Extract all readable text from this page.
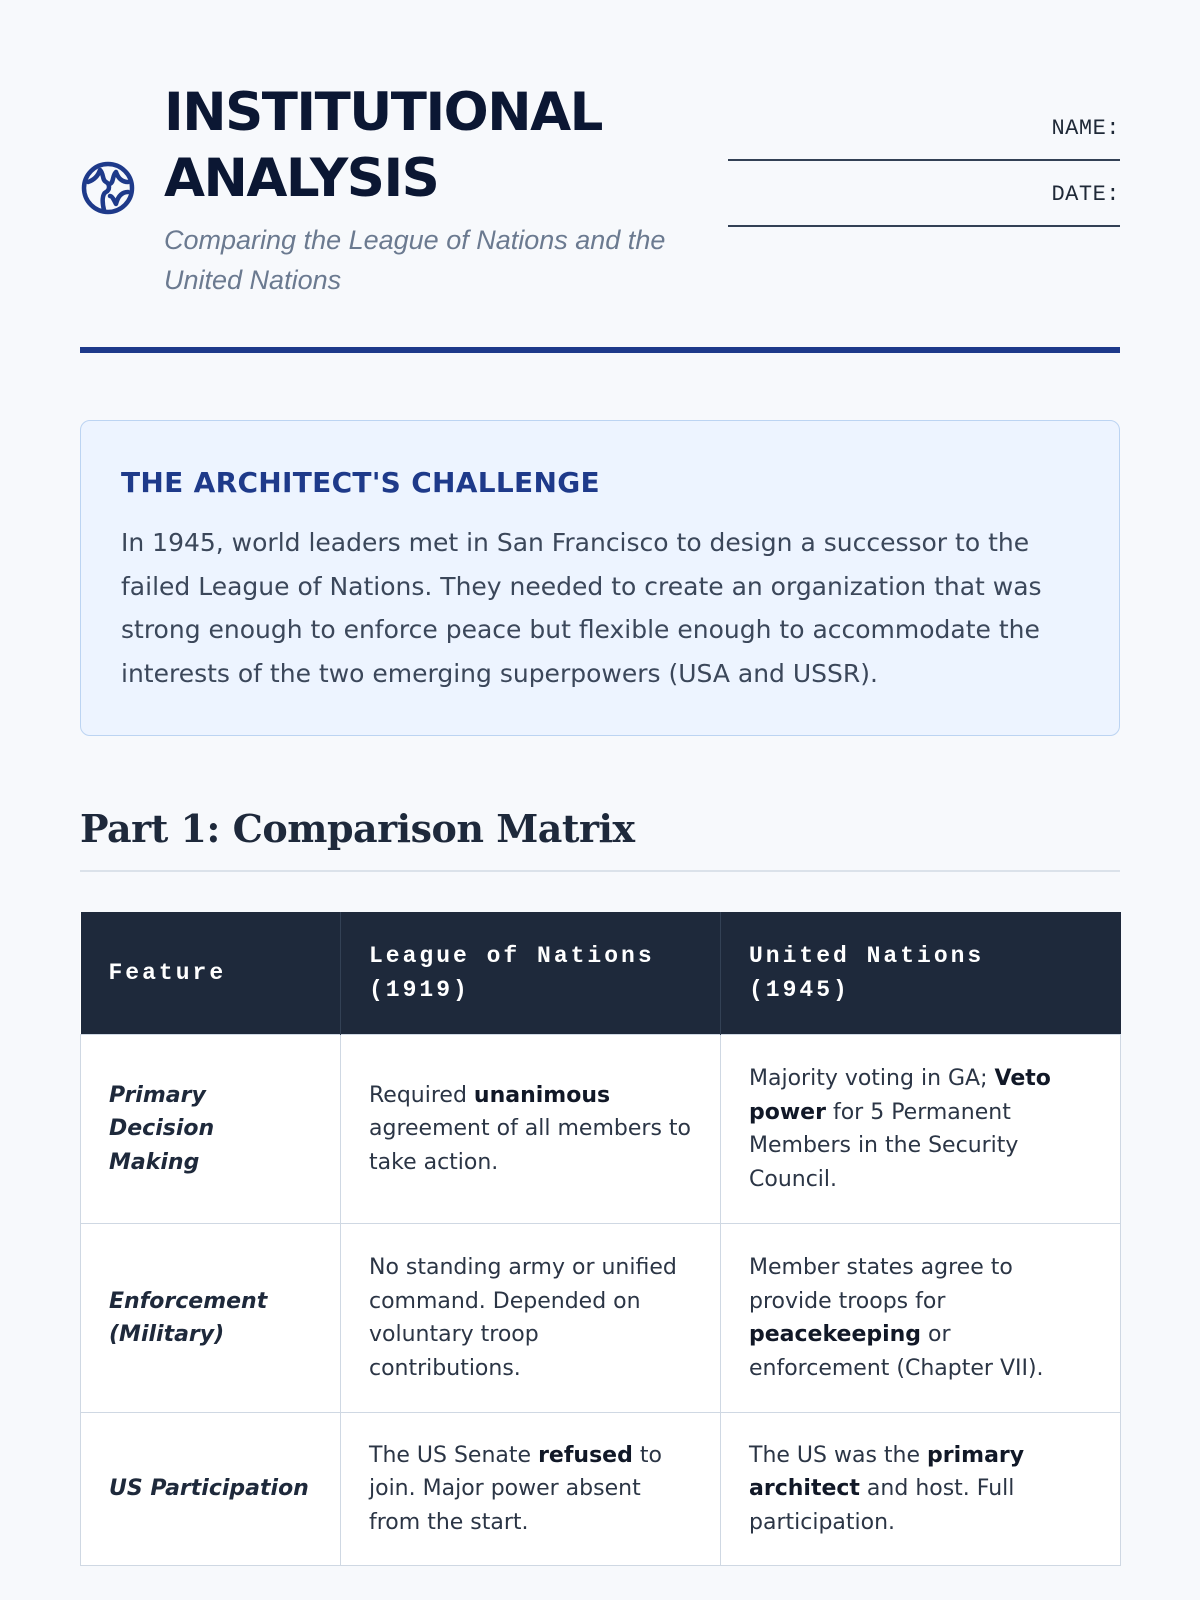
INSTITUTIONAL
ANALYSIS

Comparing the League of Nations and the United Nations

NAME:
DATE:
THE ARCHITECT'S CHALLENGE

In 1945, world leaders met in San Francisco to design a successor to the failed League of Nations. They needed to create an organization that was strong enough to enforce peace but flexible enough to accommodate the interests of the two emerging superpowers (USA and USSR).

Part 1: Comparison Matrix
Feature	League of Nations (1919)	United Nations (1945)
Primary Decision Making	Required unanimous agreement of all members to take action.	Majority voting in GA; Veto power for 5 Permanent Members in the Security Council.
Enforcement (Military)	No standing army or unified command. Depended on voluntary troop contributions.	Member states agree to provide troops for peacekeeping or enforcement (Chapter VII).
US Participation	The US Senate refused to join. Major power absent from the start.	The US was the primary architect and host. Full participation.
